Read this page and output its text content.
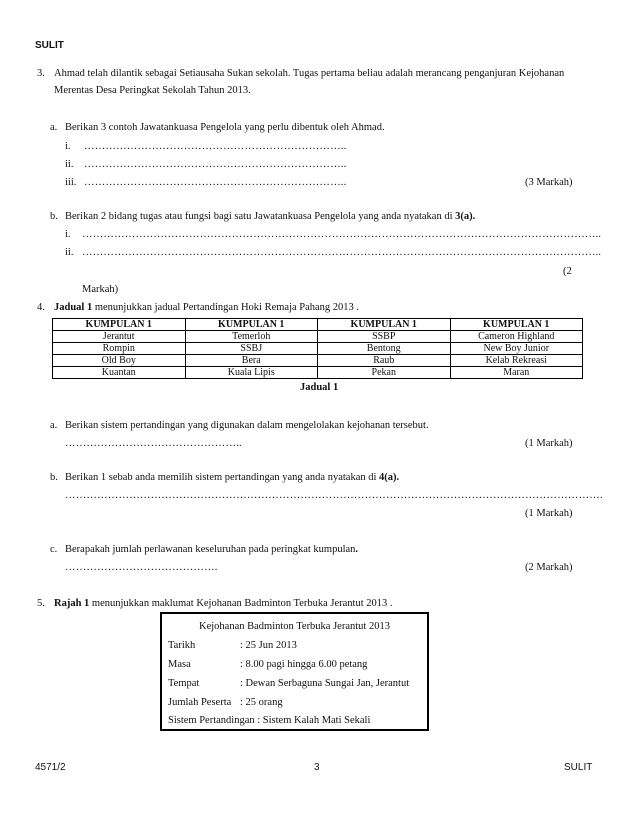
SULIT
3. Ahmad telah dilantik sebagai Setiausaha Sukan sekolah. Tugas pertama beliau adalah merancang penganjuran Kejohanan
Merentas Desa Peringkat Sekolah Tahun 2013.
a. Berikan 3 contoh Jawatankuasa Pengelola yang perlu dibentuk oleh Ahmad.
i. ………………………………………………………………..
ii. ………………………………………………………………..
iii. ………………………………………………………………..	(3 Markah)
b. Berikan 2 bidang tugas atau fungsi bagi satu Jawatankuasa Pengelola yang anda nyatakan di 3(a).
i. ………………………………………………………………………………………………………………………………..
ii. ………………………………………………………………………………………………………………………………..
(2
Markah)
4. Jadual 1 menunjukkan jadual Pertandingan Hoki Remaja Pahang 2013 .
KUMPULAN 1	KUMPULAN 1	KUMPULAN 1	KUMPULAN 1
Jerantut	Temerloh	SSBP	Cameron Highland
Rompin	SSBJ	Bentong	New Boy Junior
Old Boy	Bera	Raub	Kelab Rekreasi
Kuantan	Kuala Lipis	Pekan	Maran
Jadual 1
a. Berikan sistem pertandingan yang digunakan dalam mengelolakan kejohanan tersebut.
…………………………………………..	(1 Markah)
b. Berikan 1 sebab anda memilih sistem pertandingan yang anda nyatakan di 4(a).
…………………………………………………………………………………………………………………………………….
(1 Markah)
c. Berapakah jumlah perlawanan keseluruhan pada peringkat kumpulan.
…………………………………….	(2 Markah)
5. Rajah 1 menunjukkan maklumat Kejohanan Badminton Terbuka Jerantut 2013 .
Kejohanan Badminton Terbuka Jerantut 2013
Tarikh	: 25 Jun 2013
Masa	: 8.00 pagi hingga 6.00 petang
Tempat	: Dewan Serbaguna Sungai Jan, Jerantut
Jumlah Peserta : 25 orang
Sistem Pertandingan : Sistem Kalah Mati Sekali
4571/2	3	SULIT
